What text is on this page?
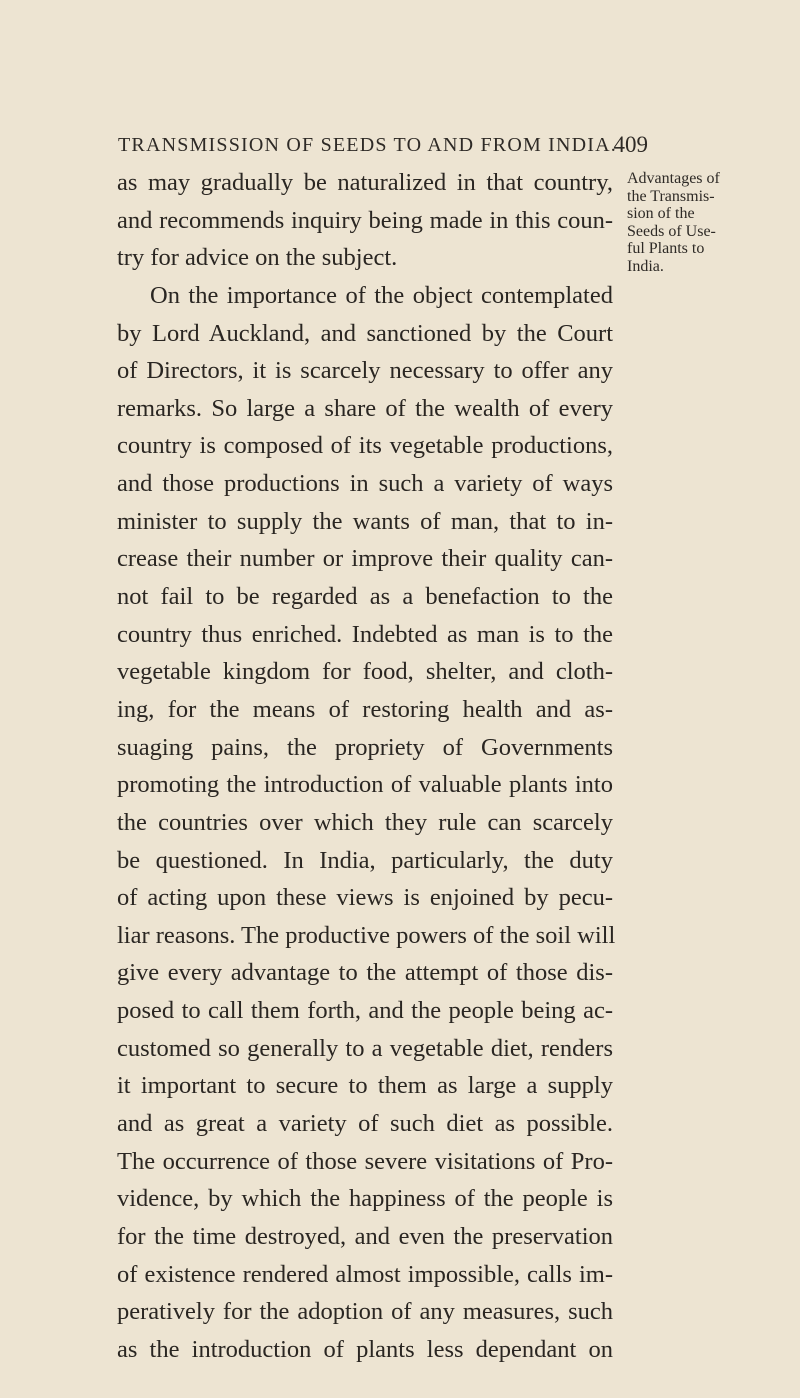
TRANSMISSION OF SEEDS TO AND FROM INDIA.
409
as may gradually be naturalized in that country,
and recommends inquiry being made in this coun-
try for advice on the subject.
On the importance of the object contemplated
by Lord Auckland, and sanctioned by the Court
of Directors, it is scarcely necessary to offer any
remarks. So large a share of the wealth of every
country is composed of its vegetable productions,
and those productions in such a variety of ways
minister to supply the wants of man, that to in-
crease their number or improve their quality can-
not fail to be regarded as a benefaction to the
country thus enriched. Indebted as man is to the
vegetable kingdom for food, shelter, and cloth-
ing, for the means of restoring health and as-
suaging pains, the propriety of Governments
promoting the introduction of valuable plants into
the countries over which they rule can scarcely
be questioned. In India, particularly, the duty
of acting upon these views is enjoined by pecu-
liar reasons. The productive powers of the soil will
give every advantage to the attempt of those dis-
posed to call them forth, and the people being ac-
customed so generally to a vegetable diet, renders
it important to secure to them as large a supply
and as great a variety of such diet as possible.
The occurrence of those severe visitations of Pro-
vidence, by which the happiness of the people is
for the time destroyed, and even the preservation
of existence rendered almost impossible, calls im-
peratively for the adoption of any measures, such
as the introduction of plants less dependant on
Advantages of
the Transmis-
sion of the
Seeds of Use-
ful Plants to
India.
